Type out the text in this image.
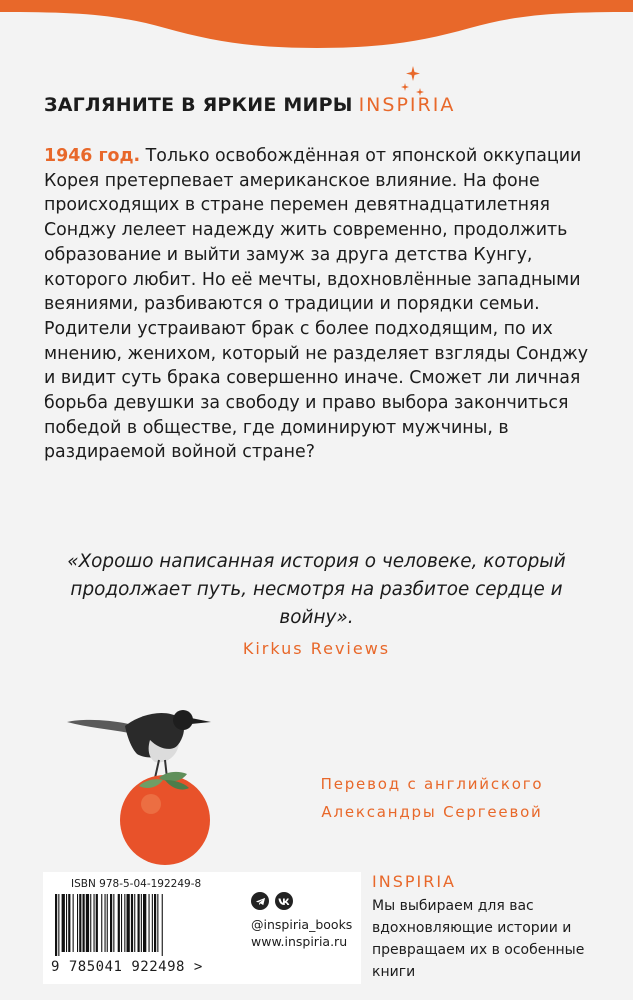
ЗАГЛЯНИТЕ В ЯРКИЕ МИРЫ INSPIRIA
1946 год. Только освобождённая от японской оккупации Корея претерпевает американское влияние. На фоне происходящих в стране перемен девятнадцатилетняя Сонджу лелеет надежду жить современно, продолжить образование и выйти замуж за друга детства Кунгу, которого любит. Но её мечты, вдохновлённые западными веяниями, разбиваются о традиции и порядки семьи. Родители устраивают брак с более подходящим, по их мнению, женихом, который не разделяет взгляды Сонджу и видит суть брака совершенно иначе. Сможет ли личная борьба девушки за свободу и право выбора закончиться победой в обществе, где доминируют мужчины, в раздираемой войной стране?
«Хорошо написанная история о человеке, который продолжает путь, несмотря на разбитое сердце и войну».
Kirkus Reviews
Перевод с английского
Александры Сергеевой
ISBN 978-5-04-192249-8
9 785041 922498 >
@inspiria_books
www.inspiria.ru
INSPIRIA
Мы выбираем для вас вдохновляющие истории и превращаем их в особенные книги
